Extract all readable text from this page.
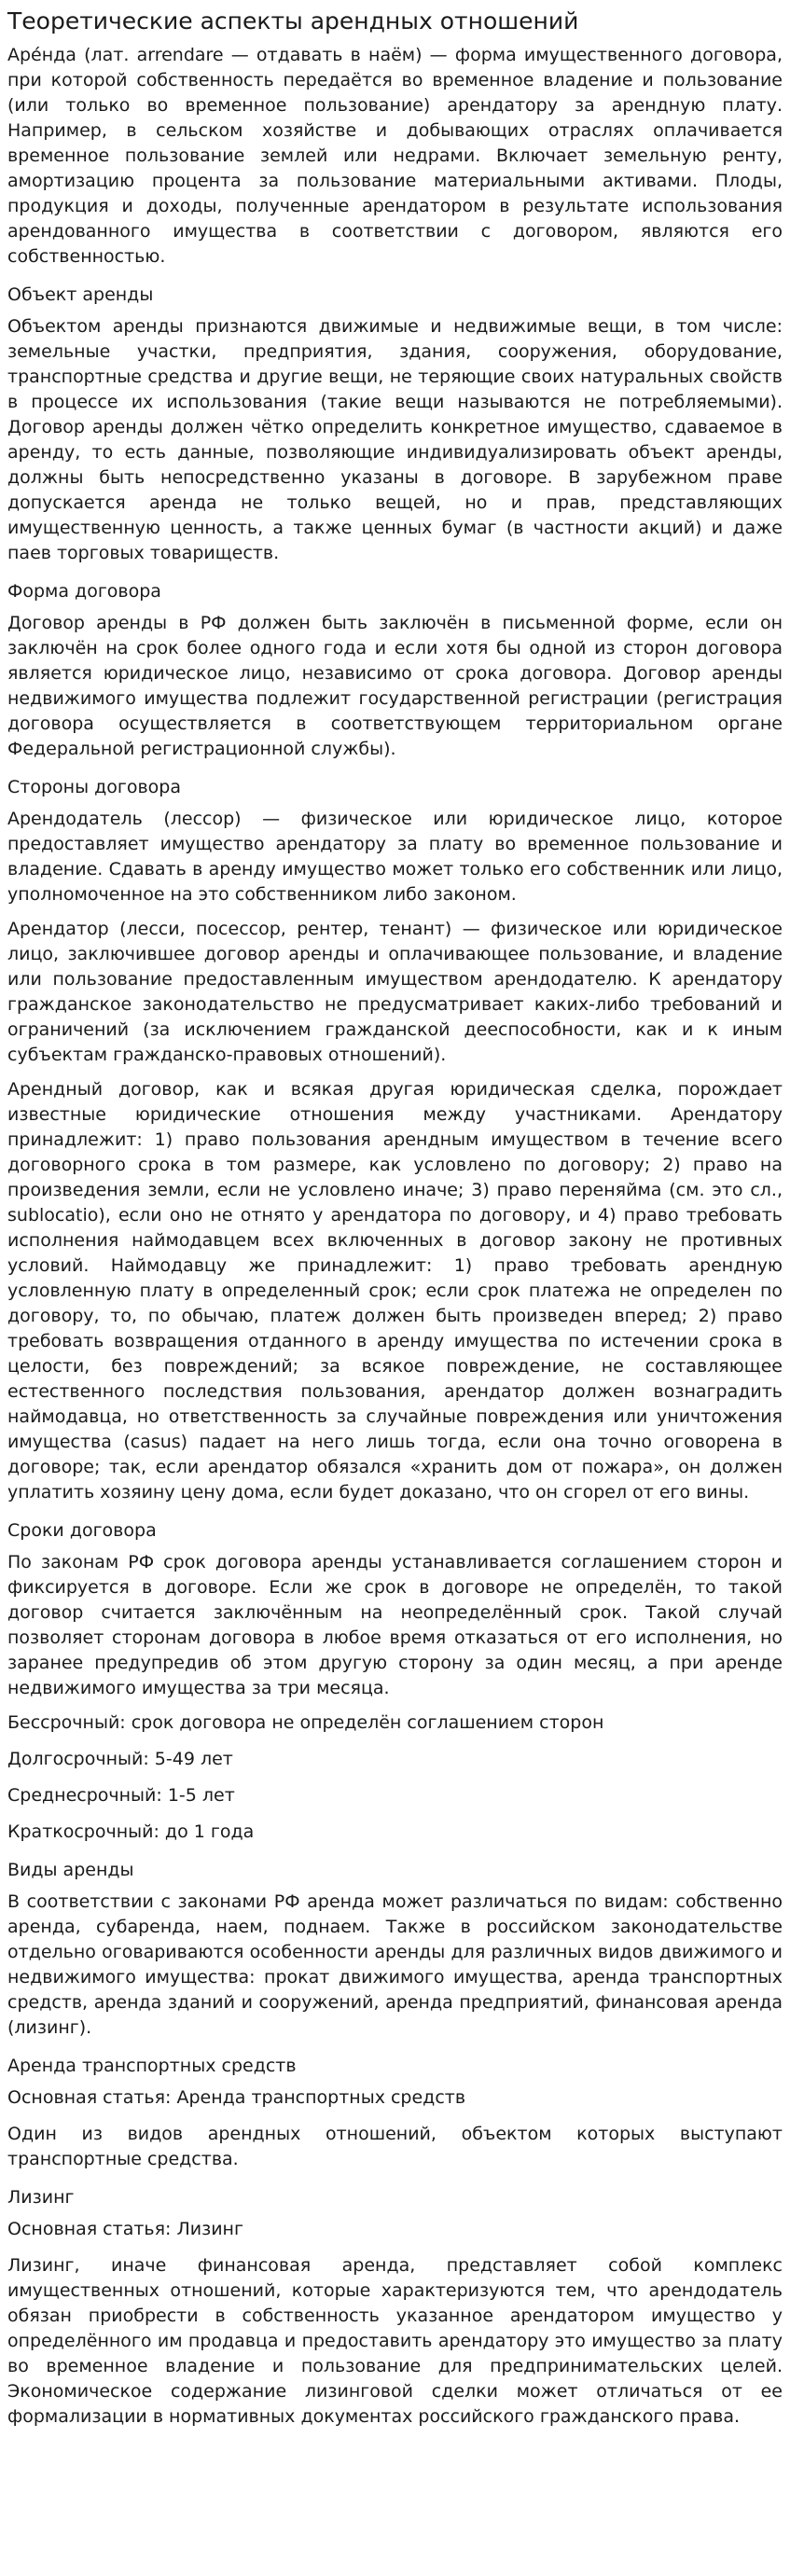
Теоретические аспекты арендных отношений

Аре́нда (лат. arrendare — отдавать в наём) — форма имущественного договора, при которой собственность передаётся во временное владение и пользование (или только во временное пользование) арендатору за арендную плату. Например, в сельском хозяйстве и добывающих отраслях оплачивается временное пользование землей или недрами. Включает земельную ренту, амортизацию процента за пользование материальными активами. Плоды, продукция и доходы, полученные арендатором в результате использования арендованного имущества в соответствии с договором, являются его собственностью.

Объект аренды

Объектом аренды признаются движимые и недвижимые вещи, в том числе: земельные участки, предприятия, здания, сооружения, оборудование, транспортные средства и другие вещи, не теряющие своих натуральных свойств в процессе их использования (такие вещи называются не потребляемыми). Договор аренды должен чётко определить конкретное имущество, сдаваемое в аренду, то есть данные, позволяющие индивидуализировать объект аренды, должны быть непосредственно указаны в договоре. В зарубежном праве допускается аренда не только вещей, но и прав, представляющих имущественную ценность, а также ценных бумаг (в частности акций) и даже паев торговых товариществ.

Форма договора

Договор аренды в РФ должен быть заключён в письменной форме, если он заключён на срок более одного года и если хотя бы одной из сторон договора является юридическое лицо, независимо от срока договора. Договор аренды недвижимого имущества подлежит государственной регистрации (регистрация договора осуществляется в соответствующем территориальном органе Федеральной регистрационной службы).

Стороны договора

Арендодатель (лессор) — физическое или юридическое лицо, которое предоставляет имущество арендатору за плату во временное пользование и владение. Сдавать в аренду имущество может только его собственник или лицо, уполномоченное на это собственником либо законом.

Арендатор (лесси, посессор, рентер, тенант) — физическое или юридическое лицо, заключившее договор аренды и оплачивающее пользование, и владение или пользование предоставленным имуществом арендодателю. К арендатору гражданское законодательство не предусматривает каких-либо требований и ограничений (за исключением гражданской дееспособности, как и к иным субъектам гражданско-правовых отношений).

Арендный договор, как и всякая другая юридическая сделка, порождает известные юридические отношения между участниками. Арендатору принадлежит: 1) право пользования арендным имуществом в течение всего договорного срока в том размере, как условлено по договору; 2) право на произведения земли, если не условлено иначе; 3) право переняйма (см. это сл., sublocatio), если оно не отнято у арендатора по договору, и 4) право требовать исполнения наймодавцем всех включенных в договор закону не противных условий. Наймодавцу же принадлежит: 1) право требовать арендную условленную плату в определенный срок; если срок платежа не определен по договору, то, по обычаю, платеж должен быть произведен вперед; 2) право требовать возвращения отданного в аренду имущества по истечении срока в целости, без повреждений; за всякое повреждение, не составляющее естественного последствия пользования, арендатор должен вознаградить наймодавца, но ответственность за случайные повреждения или уничтожения имущества (casus) падает на него лишь тогда, если она точно оговорена в договоре; так, если арендатор обязался «хранить дом от пожара», он должен уплатить хозяину цену дома, если будет доказано, что он сгорел от его вины.

Сроки договора

По законам РФ срок договора аренды устанавливается соглашением сторон и фиксируется в договоре. Если же срок в договоре не определён, то такой договор считается заключённым на неопределённый срок. Такой случай позволяет сторонам договора в любое время отказаться от его исполнения, но заранее предупредив об этом другую сторону за один месяц, а при аренде недвижимого имущества за три месяца.

Бессрочный: срок договора не определён соглашением сторон

Долгосрочный: 5-49 лет

Среднесрочный: 1-5 лет

Краткосрочный: до 1 года

Виды аренды

В соответствии с законами РФ аренда может различаться по видам: собственно аренда, субаренда, наем, поднаем. Также в российском законодательстве отдельно оговариваются особенности аренды для различных видов движимого и недвижимого имущества: прокат движимого имущества, аренда транспортных средств, аренда зданий и сооружений, аренда предприятий, финансовая аренда (лизинг).

Аренда транспортных средств

Основная статья: Аренда транспортных средств

Один из видов арендных отношений, объектом которых выступают транспортные средства.

Лизинг

Основная статья: Лизинг

Лизинг, иначе финансовая аренда, представляет собой комплекс имущественных отношений, которые характеризуются тем, что арендодатель обязан приобрести в собственность указанное арендатором имущество у определённого им продавца и предоставить арендатору это имущество за плату во временное владение и пользование для предпринимательских целей. Экономическое содержание лизинговой сделки может отличаться от ее формализации в нормативных документах российского гражданского права.
